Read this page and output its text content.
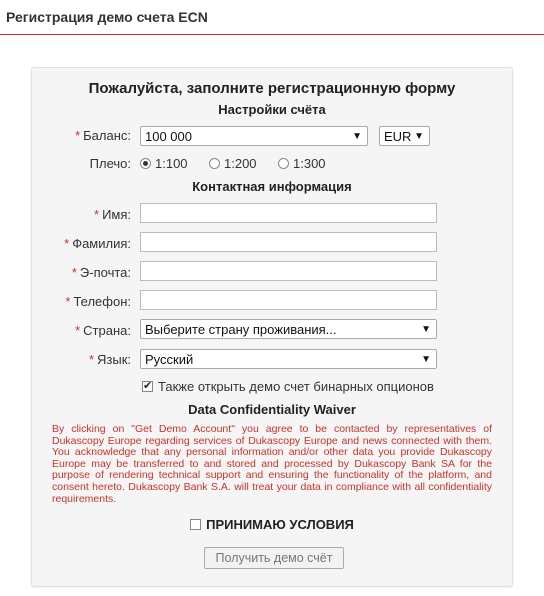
Регистрация демо счета ECN
Пожалуйста, заполните регистрационную форму
Настройки счёта
* Баланс:	100 000	▼	EUR ▼
Плечо:	1:100	1:200	1:300
Контактная информация
* Имя:
* Фамилия:
* Э-почта:
* Телефон:
* Страна:	Выберите страну проживания...	▼
* Язык:	Русский	▼
✔Также открыть демо счет бинарных опционов
Data Confidentiality Waiver
By clicking on "Get Demo Account" you agree to be contacted by representatives of Dukascopy Europe regarding services of Dukascopy Europe and news connected with them. You acknowledge that any personal information and/or other data you provide Dukascopy Europe may be transferred to and stored and processed by Dukascopy Bank SA for the purpose of rendering technical support and ensuring the functionality of the platform, and consent hereto. Dukascopy Bank S.A. will treat your data in compliance with all confidentiality requirements.
ПРИНИМАЮ УСЛОВИЯ
Получить демо счёт
